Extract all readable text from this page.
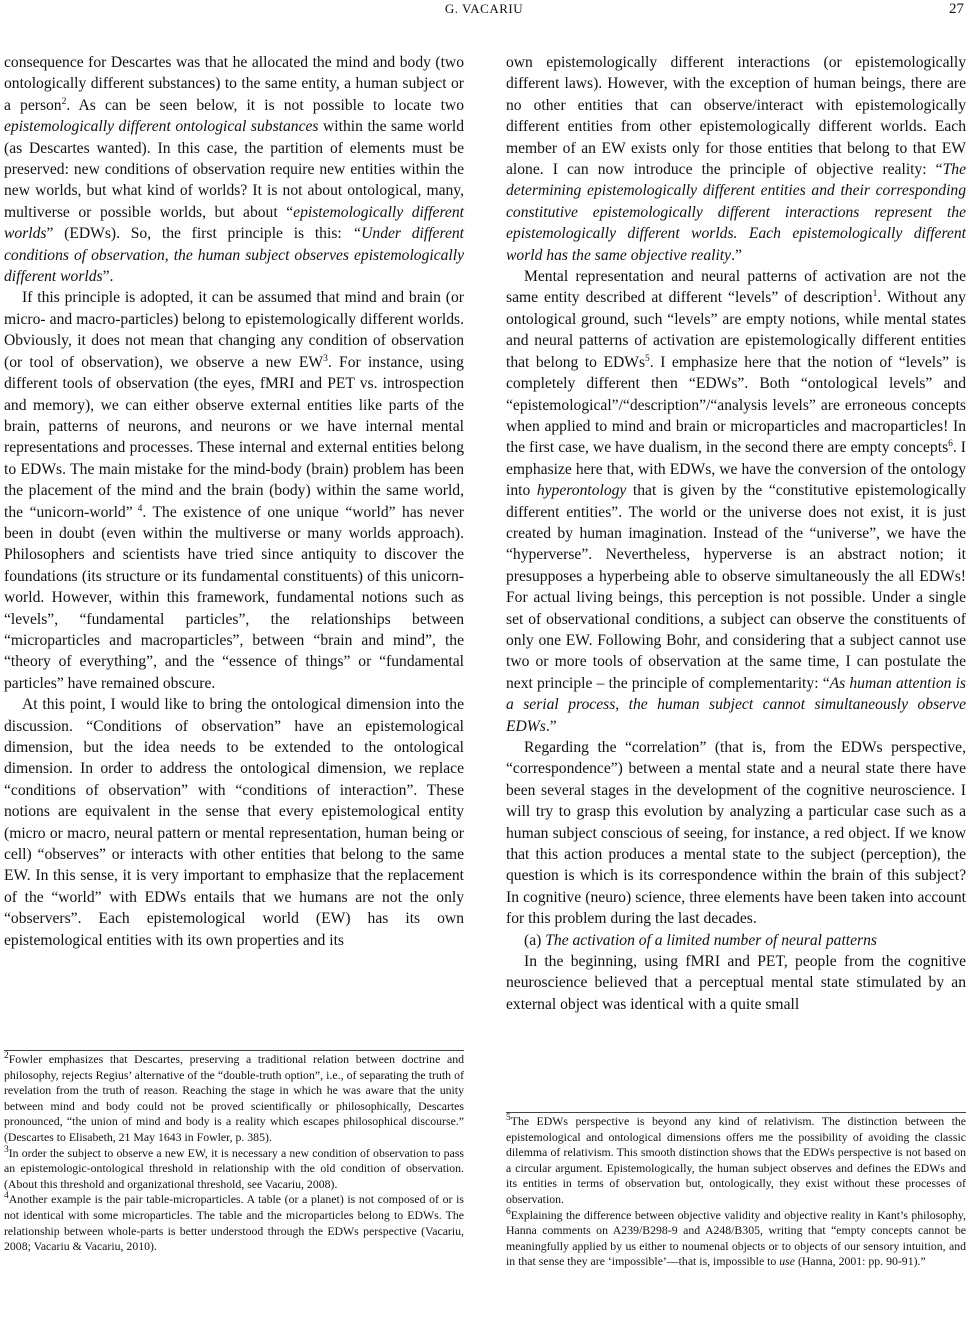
G. VACARIU	27

consequence for Descartes was that he allocated the mind and body (two ontologically different substances) to the same entity, a human subject or a person$^2$. As can be seen below, it is not possible to locate two epistemologically different ontological substances within the same world (as Descartes wanted). In this case, the partition of elements must be preserved: new conditions of observation require new entities within the new worlds, but what kind of worlds? It is not about ontological, many, multiverse or possible worlds, but about “epistemologically different worlds” (EDWs). So, the first principle is this: “Under different conditions of observation, the human subject observes epistemologically different worlds”.

If this principle is adopted, it can be assumed that mind and brain (or micro- and macro-particles) belong to epistemologically different worlds. Obviously, it does not mean that changing any condition of observation (or tool of observation), we observe a new $EW^3$. For instance, using different tools of observation (the eyes, fMRI and PET vs. introspection and memory), we can either observe external entities like parts of the brain, patterns of neurons, and neurons or we have internal mental representations and processes. These internal and external entities belong to EDWs. The main mistake for the mind-body (brain) problem has been the placement of the mind and the brain (body) within the same world, the “unicorn-world” $^4$. The existence of one unique “world” has never been in doubt (even within the multiverse or many worlds approach). Philosophers and scientists have tried since antiquity to discover the foundations (its structure or its fundamental constituents) of this unicorn-world. However, within this framework, fundamental notions such as “levels”, “fundamental particles”, the relationships between “microparticles and macroparticles”, between “brain and mind”, the “theory of everything”, and the “essence of things” or “fundamental particles” have remained obscure.

At this point, I would like to bring the ontological dimension into the discussion. “Conditions of observation” have an epistemological dimension, but the idea needs to be extended to the ontological dimension. In order to address the ontological dimension, we replace “conditions of observation” with “conditions of interaction”. These notions are equivalent in the sense that every epistemological entity (micro or macro, neural pattern or mental representation, human being or cell) “observes” or interacts with other entities that belong to the same EW. In this sense, it is very important to emphasize that the replacement of the “world” with EDWs entails that we humans are not the only “observers”. Each epistemological world (EW) has its own epistemological entities with its own properties and its

own epistemologically different interactions (or epistemologically different laws). However, with the exception of human beings, there are no other entities that can observe/interact with epistemologically different entities from other epistemologically different worlds. Each member of an EW exists only for those entities that belong to that EW alone. I can now introduce the principle of objective reality: “The determining epistemologically different entities and their corresponding constitutive epistemologically different interactions represent the epistemologically different worlds. Each epistemologically different world has the same objective reality.”

Mental representation and neural patterns of activation are not the same entity described at different “levels” of description$^1$. Without any ontological ground, such “levels” are empty notions, while mental states and neural patterns of activation are epistemologically different entities that belong to EDWs$^5$. I emphasize here that the notion of “levels” is completely different then “EDWs”. Both “ontological levels” and “epistemological”/“description”/“analysis levels” are erroneous concepts when applied to mind and brain or microparticles and macroparticles! In the first case, we have dualism, in the second there are empty concepts$^6$. I emphasize here that, with EDWs, we have the conversion of the ontology into hyperontology that is given by the “constitutive epistemologically different entities”. The world or the universe does not exist, it is just created by human imagination. Instead of the “universe”, we have the “hyperverse”. Nevertheless, hyperverse is an abstract notion; it presupposes a hyperbeing able to observe simultaneously the all EDWs! For actual living beings, this perception is not possible. Under a single set of observational conditions, a subject can observe the constituents of only one EW. Following Bohr, and considering that a subject cannot use two or more tools of observation at the same time, I can postulate the next principle – the principle of complementarity: “As human attention is a serial process, the human subject cannot simultaneously observe EDWs.”

Regarding the “correlation” (that is, from the EDWs perspective, “correspondence”) between a mental state and a neural state there have been several stages in the development of the cognitive neuroscience. I will try to grasp this evolution by analyzing a particular case such as a human subject conscious of seeing, for instance, a red object. If we know that this action produces a mental state to the subject (perception), the question is which is its correspondence within the brain of this subject? In cognitive (neuro) science, three elements have been taken into account for this problem during the last decades.

(a) The activation of a limited number of neural patterns

In the beginning, using fMRI and PET, people from the cognitive neuroscience believed that a perceptual mental state stimulated by an external object was identical with a quite small

$^2$Fowler emphasizes that Descartes, preserving a traditional relation between doctrine and philosophy, rejects Regius’ alternative of the “double-truth option”, i.e., of separating the truth of revelation from the truth of reason. Reaching the stage in which he was aware that the unity between mind and body could not be proved scientifically or philosophically, Descartes pronounced, “the union of mind and body is a reality which escapes philosophical discourse.” (Descartes to Elisabeth, 21 May 1643 in Fowler, p. 385).

$^3$In order the subject to observe a new EW, it is necessary a new condition of observation to pass an epistemologic-ontological threshold in relationship with the old condition of observation. (About this threshold and organizational threshold, see Vacariu, 2008).

$^4$Another example is the pair table-microparticles. A table (or a planet) is not composed of or is not identical with some microparticles. The table and the microparticles belong to EDWs. The relationship between whole-parts is better understood through the EDWs perspective (Vacariu, 2008; Vacariu & Vacariu, 2010).

$^5$The EDWs perspective is beyond any kind of relativism. The distinction between the epistemological and ontological dimensions offers me the possibility of avoiding the classic dilemma of relativism. This smooth distinction shows that the EDWs perspective is not based on a circular argument. Epistemologically, the human subject observes and defines the EDWs and its entities in terms of observation but, ontologically, they exist without these processes of observation.

$^6$Explaining the difference between objective validity and objective reality in Kant’s philosophy, Hanna comments on A239/B298-9 and A248/B305, writing that “empty concepts cannot be meaningfully applied by us either to noumenal objects or to objects of our sensory intuition, and in that sense they are ‘impossible’—that is, impossible to use (Hanna, 2001: pp. 90-91).”
